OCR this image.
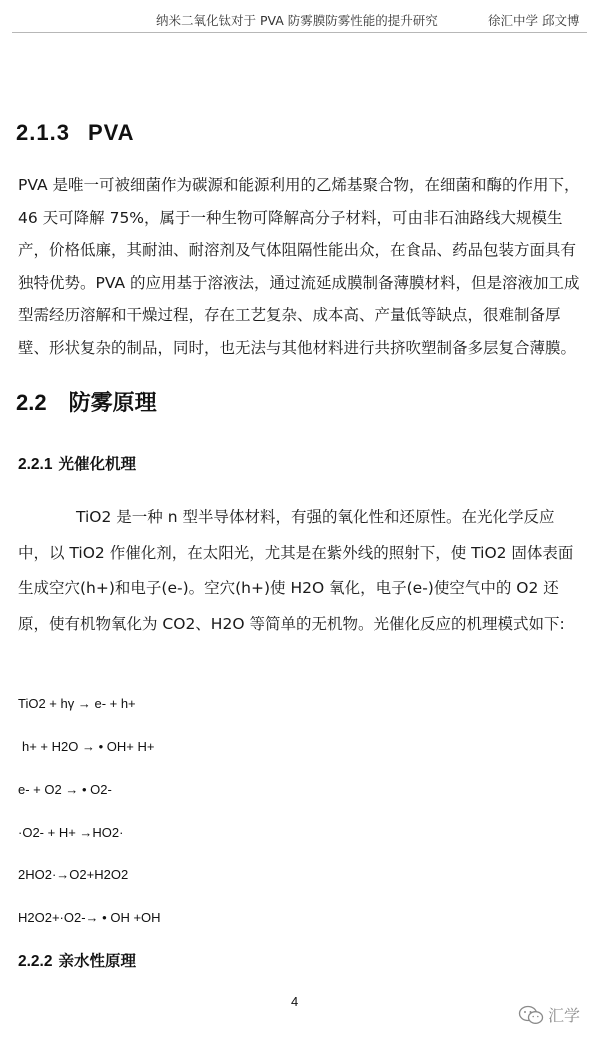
纳米二氧化钛对于 PVA 防雾膜防雾性能的提升研究	徐汇中学 邱文博
2.1.3 PVA
PVA 是唯一可被细菌作为碳源和能源利用的乙烯基聚合物，在细菌和酶的作用下，46 天可降解 75%，属于一种生物可降解高分子材料，可由非石油路线大规模生产，价格低廉，其耐油、耐溶剂及气体阻隔性能出众，在食品、药品包装方面具有独特优势。PVA 的应用基于溶液法，通过流延成膜制备薄膜材料，但是溶液加工成型需经历溶解和干燥过程，存在工艺复杂、成本高、产量低等缺点，很难制备厚壁、形状复杂的制品，同时，也无法与其他材料进行共挤吹塑制备多层复合薄膜。
2.2 防雾原理
2.2.1 光催化机理
TiO2 是一种 n 型半导体材料，有强的氧化性和还原性。在光化学反应中，以 TiO2 作催化剂，在太阳光，尤其是在紫外线的照射下，使 TiO2 固体表面生成空穴(h+)和电子(e-)。空穴(h+)使 H2O 氧化，电子(e-)使空气中的 O2 还原，使有机物氧化为 CO2、H2O 等简单的无机物。光催化反应的机理模式如下:
TiO2 + hγ → e- + h+
h+ + H2O → • OH+ H+
e- + O2 → • O2-
·O2- + H+ →HO2·
2HO2·→O2+H2O2
H2O2+·O2-→ • OH +OH
2.2.2 亲水性原理
4
汇学
